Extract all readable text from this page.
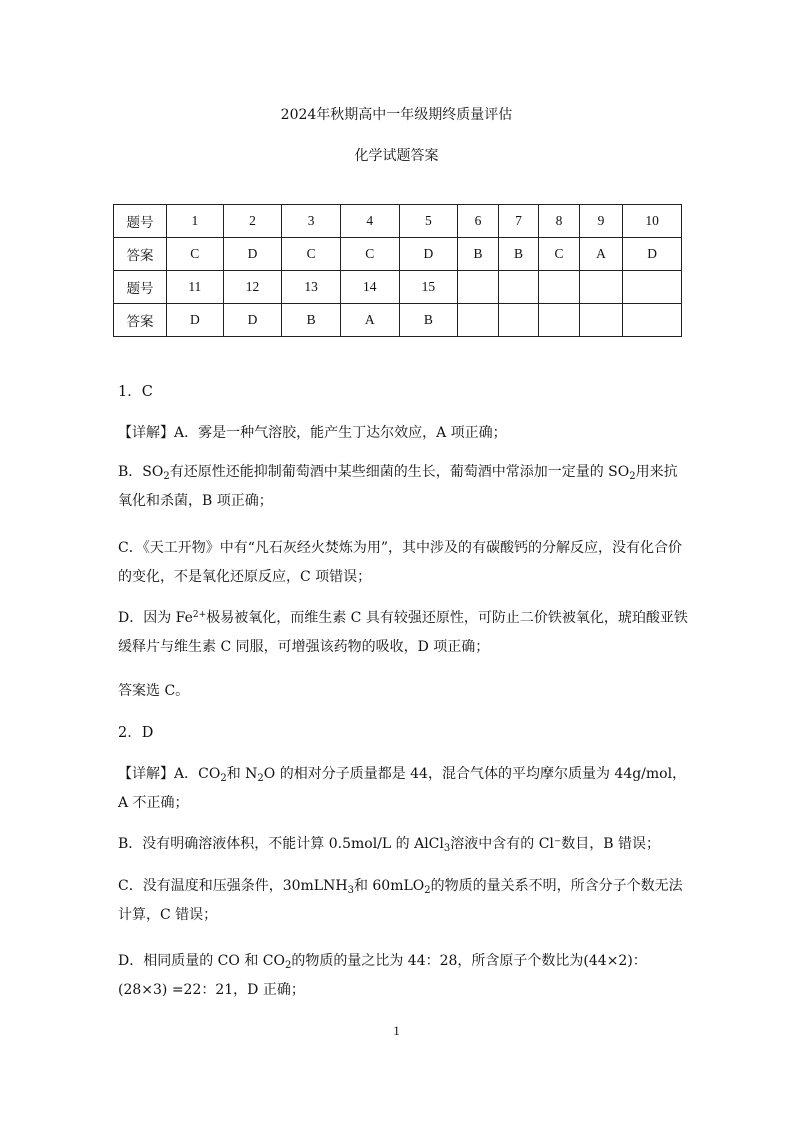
2024年秋期高中一年级期终质量评估
化学试题答案
题号	1	2	3	4	5	6	7	8	9	10
答案	C	D	C	C	D	B	B	C	A	D
题号	11	12	13	14	15					
答案	D	D	B	A	B					

1．C

【详解】A．雾是一种气溶胶，能产生丁达尔效应，A 项正确；

B．$SO_2$有还原性还能抑制葡萄酒中某些细菌的生长，葡萄酒中常添加一定量的 $SO_2$用来抗氧化和杀菌，B 项正确；

C．《天工开物》中有“凡石灰经火焚炼为用”，其中涉及的有碳酸钙的分解反应，没有化合价的变化，不是氧化还原反应，C 项错误；

D．因为 $Fe^{2+}$极易被氧化，而维生素 C 具有较强还原性，可防止二价铁被氧化，琥珀酸亚铁缓释片与维生素 C 同服，可增强该药物的吸收，D 项正确；

答案选 C。

2．D

【详解】A．$CO_2$和 $N_2O$ 的相对分子质量都是 44，混合气体的平均摩尔质量为 44g/mol，A 不正确；

B．没有明确溶液体积，不能计算 0.5mol/L 的 AlCl$_3$溶液中含有的 Cl⁻数目，B 错误；

C．没有温度和压强条件，30mLNH$_3$和 60mLO$_2$的物质的量关系不明，所含分子个数无法计算，C 错误；

D．相同质量的 CO 和 $CO_2$的物质的量之比为 44：28，所含原子个数比为(44×2)：(28×3) =22：21，D 正确；

1
